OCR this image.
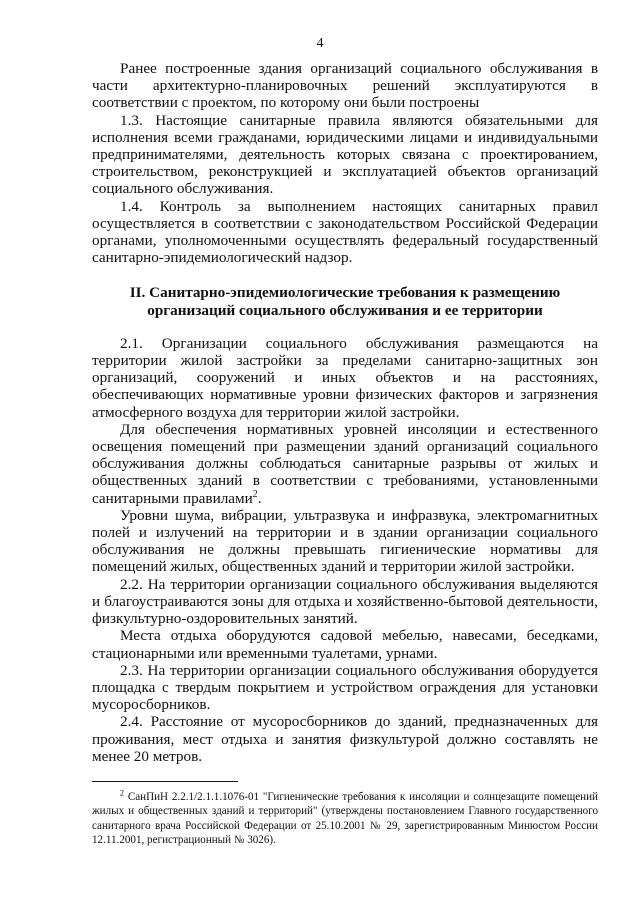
4

Ранее построенные здания организаций социального обслуживания в части архитектурно-планировочных решений эксплуатируются в соответствии с проектом, по которому они были построены

1.3. Настоящие санитарные правила являются обязательными для исполнения всеми гражданами, юридическими лицами и индивидуальными предпринимателями, деятельность которых связана с проектированием, строительством, реконструкцией и эксплуатацией объектов организаций социального обслуживания.

1.4. Контроль за выполнением настоящих санитарных правил осуществляется в соответствии с законодательством Российской Федерации органами, уполномоченными осуществлять федеральный государственный санитарно-эпидемиологический надзор.

II. Санитарно-эпидемиологические требования к размещению
организаций социального обслуживания и ее территории

2.1. Организации социального обслуживания размещаются на территории жилой застройки за пределами санитарно-защитных зон организаций, сооружений и иных объектов и на расстояниях, обеспечивающих нормативные уровни физических факторов и загрязнения атмосферного воздуха для территории жилой застройки.

Для обеспечения нормативных уровней инсоляции и естественного освещения помещений при размещении зданий организаций социального обслуживания должны соблюдаться санитарные разрывы от жилых и общественных зданий в соответствии с требованиями, установленными санитарными правилами$^2$.

Уровни шума, вибрации, ультразвука и инфразвука, электромагнитных полей и излучений на территории и в здании организации социального обслуживания не должны превышать гигиенические нормативы для помещений жилых, общественных зданий и территории жилой застройки.

2.2. На территории организации социального обслуживания выделяются и благоустраиваются зоны для отдыха и хозяйственно-бытовой деятельности, физкультурно-оздоровительных занятий.

Места отдыха оборудуются садовой мебелью, навесами, беседками, стационарными или временными туалетами, урнами.

2.3. На территории организации социального обслуживания оборудуется площадка с твердым покрытием и устройством ограждения для установки мусоросборников.

2.4. Расстояние от мусоросборников до зданий, предназначенных для проживания, мест отдыха и занятия физкультурой должно составлять не менее 20 метров.

$^2$ СанПиН 2.2.1/2.1.1.1076-01 "Гигиенические требования к инсоляции и солнцезащите помещений жилых и общественных зданий и территорий" (утверждены постановлением Главного государственного санитарного врача Российской Федерации от 25.10.2001 № 29, зарегистрированным Минюстом России 12.11.2001, регистрационный № 3026).
